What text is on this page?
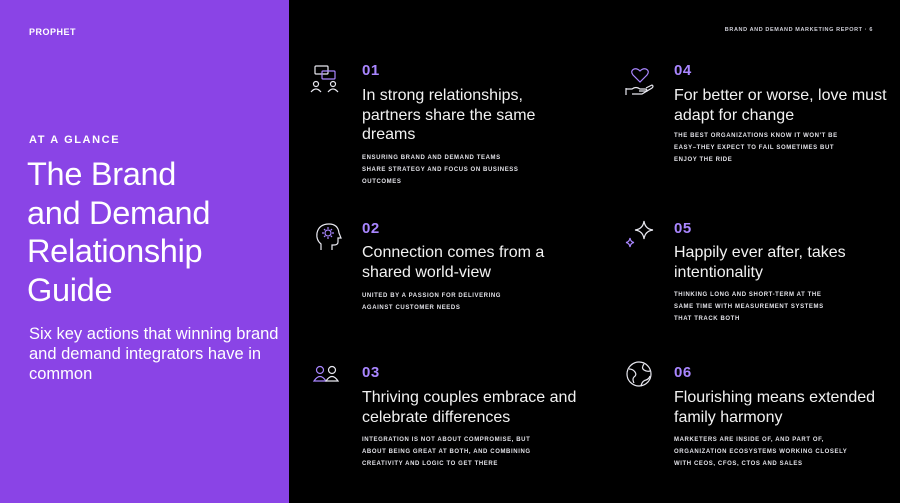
PROPHET
AT A GLANCE
The Brand
and Demand
Relationship
Guide
Six key actions that winning brand and demand integrators have in common
BRAND AND DEMAND MARKETING REPORT · 6
01
In strong relationships, partners share the same dreams
ENSURING BRAND AND DEMAND TEAMS SHARE STRATEGY AND FOCUS ON BUSINESS OUTCOMES
02
Connection comes from a shared world-view
UNITED BY A PASSION FOR DELIVERING AGAINST CUSTOMER NEEDS
03
Thriving couples embrace and celebrate differences
INTEGRATION IS NOT ABOUT COMPROMISE, BUT ABOUT BEING GREAT AT BOTH, AND COMBINING CREATIVITY AND LOGIC TO GET THERE
04
For better or worse, love must adapt for change
THE BEST ORGANIZATIONS KNOW IT WON'T BE EASY–THEY EXPECT TO FAIL SOMETIMES BUT ENJOY THE RIDE
05
Happily ever after, takes intentionality
THINKING LONG AND SHORT-TERM AT THE SAME TIME WITH MEASUREMENT SYSTEMS THAT TRACK BOTH
06
Flourishing means extended family harmony
MARKETERS ARE INSIDE OF, AND PART OF, ORGANIZATION ECOSYSTEMS WORKING CLOSELY WITH CEOS, CFOS, CTOS AND SALES
